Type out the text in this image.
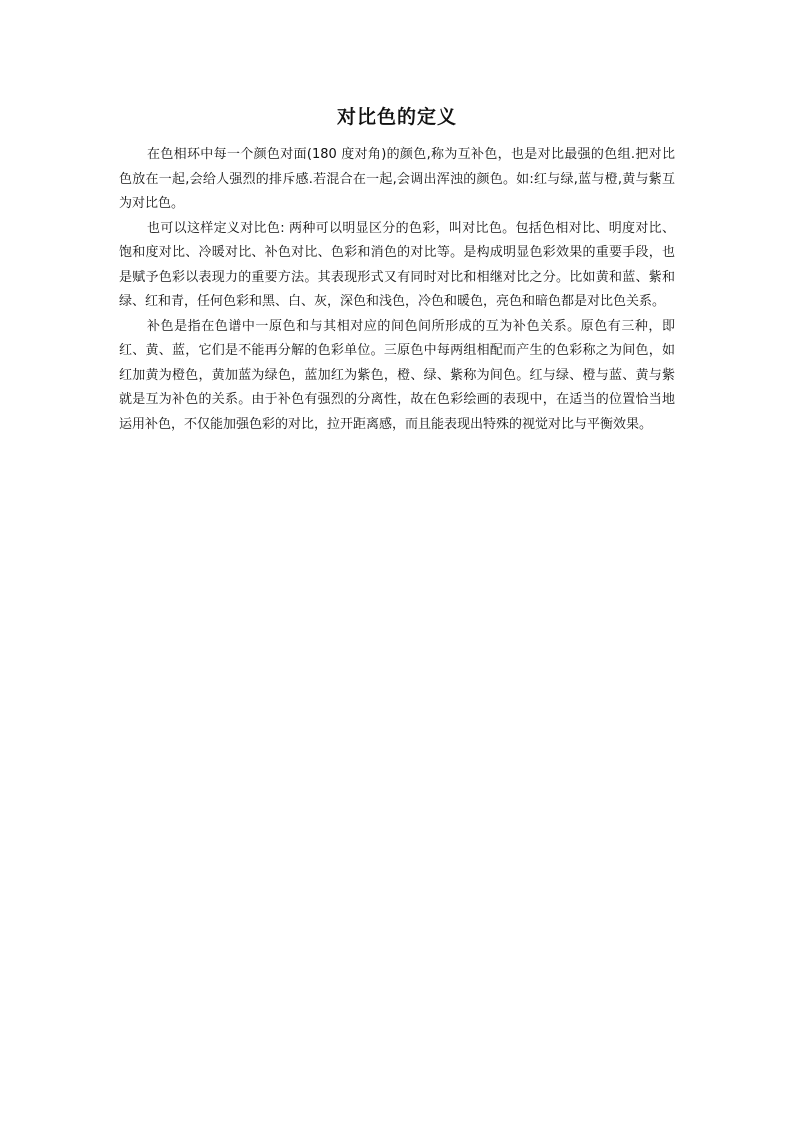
对比色的定义

在色相环中每一个颜色对面(180 度对角)的颜色,称为互补色，也是对比最强的色组.把对比色放在一起,会给人强烈的排斥感.若混合在一起,会调出浑浊的颜色。如:红与绿,蓝与橙,黄与紫互为对比色。

也可以这样定义对比色: 两种可以明显区分的色彩，叫对比色。包括色相对比、明度对比、饱和度对比、冷暖对比、补色对比、色彩和消色的对比等。是构成明显色彩效果的重要手段，也是赋予色彩以表现力的重要方法。其表现形式又有同时对比和相继对比之分。比如黄和蓝、紫和绿、红和青，任何色彩和黑、白、灰，深色和浅色，冷色和暖色，亮色和暗色都是对比色关系。

补色是指在色谱中一原色和与其相对应的间色间所形成的互为补色关系。原色有三种，即红、黄、蓝，它们是不能再分解的色彩单位。三原色中每两组相配而产生的色彩称之为间色，如红加黄为橙色，黄加蓝为绿色，蓝加红为紫色，橙、绿、紫称为间色。红与绿、橙与蓝、黄与紫就是互为补色的关系。由于补色有强烈的分离性，故在色彩绘画的表现中，在适当的位置恰当地运用补色，不仅能加强色彩的对比，拉开距离感，而且能表现出特殊的视觉对比与平衡效果。
